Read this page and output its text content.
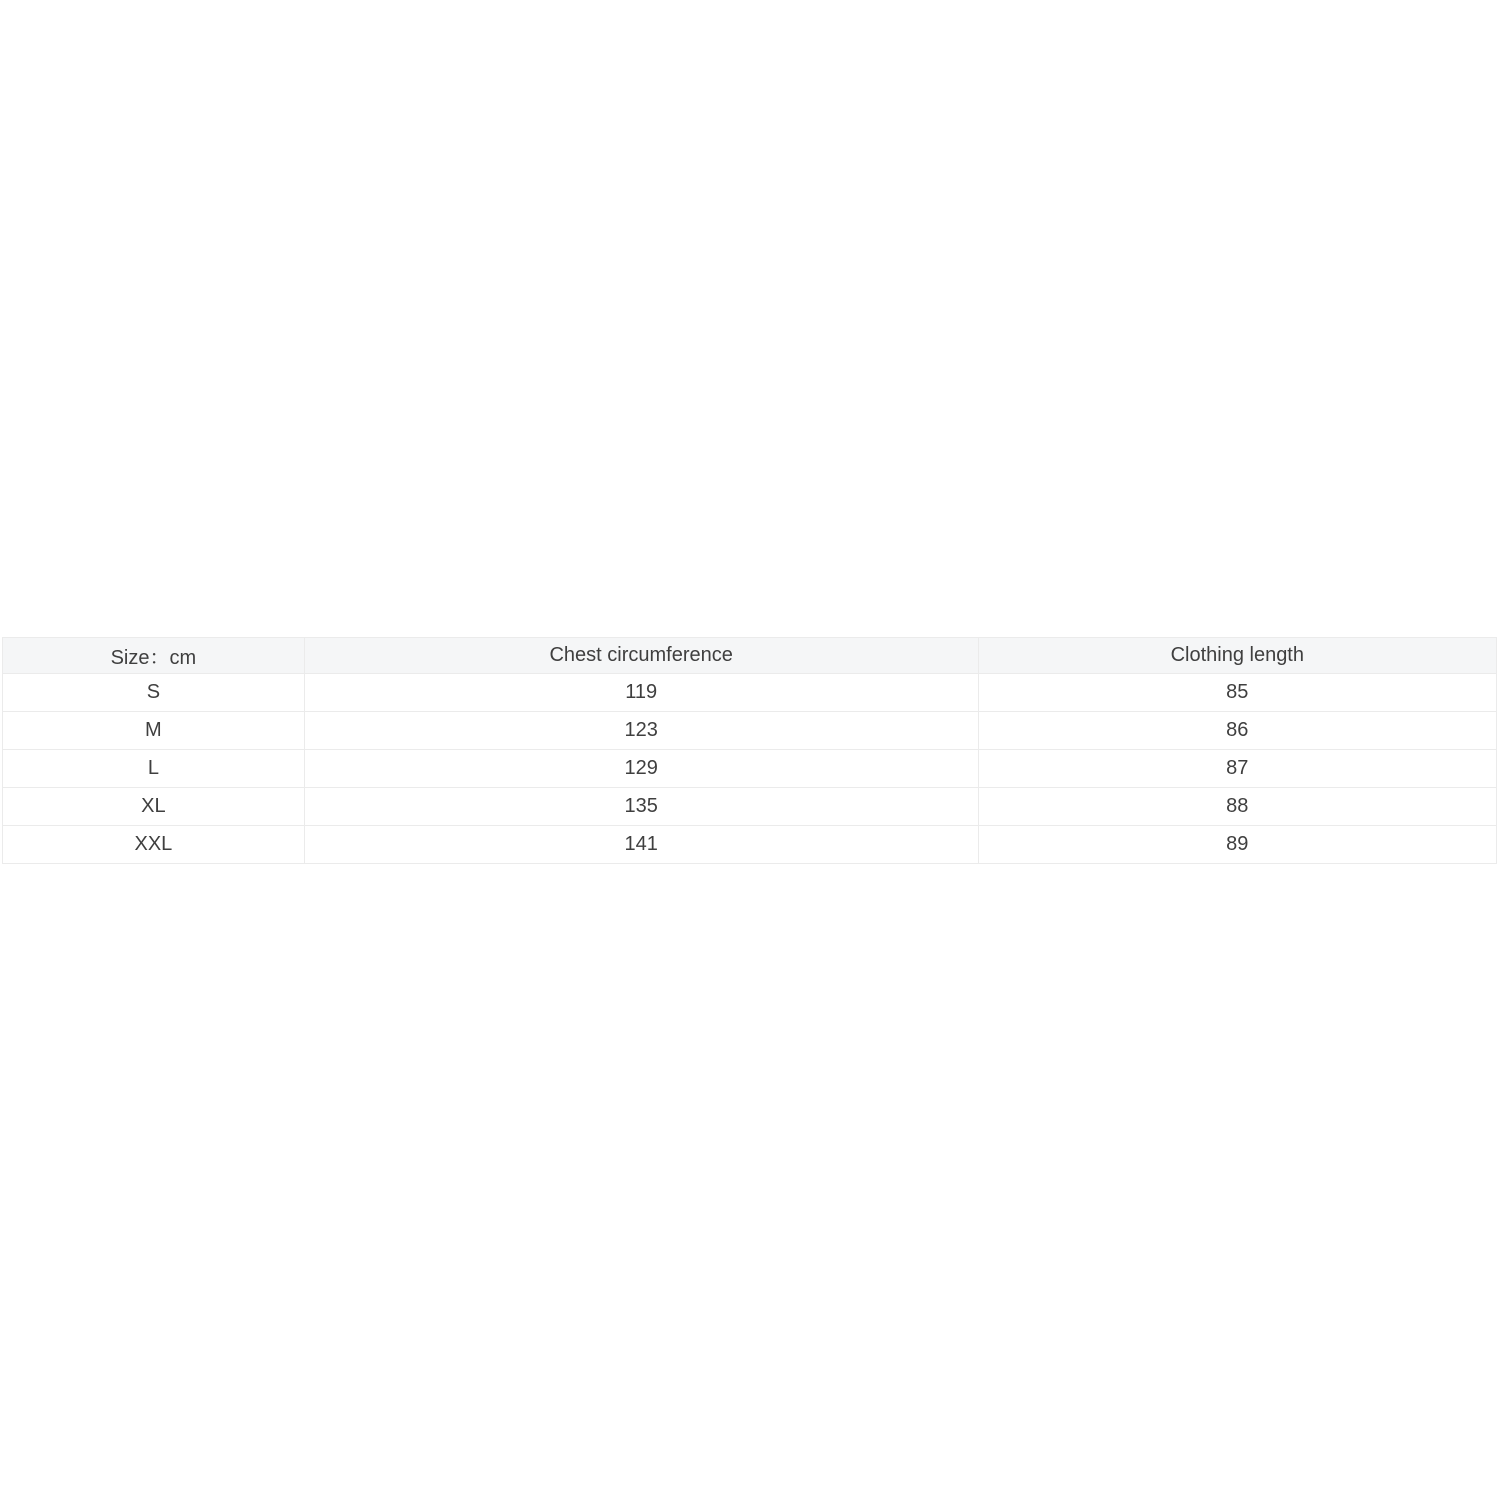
Size：cm	Chest circumference	Clothing length
S	119	85
M	123	86
L	129	87
XL	135	88
XXL	141	89
